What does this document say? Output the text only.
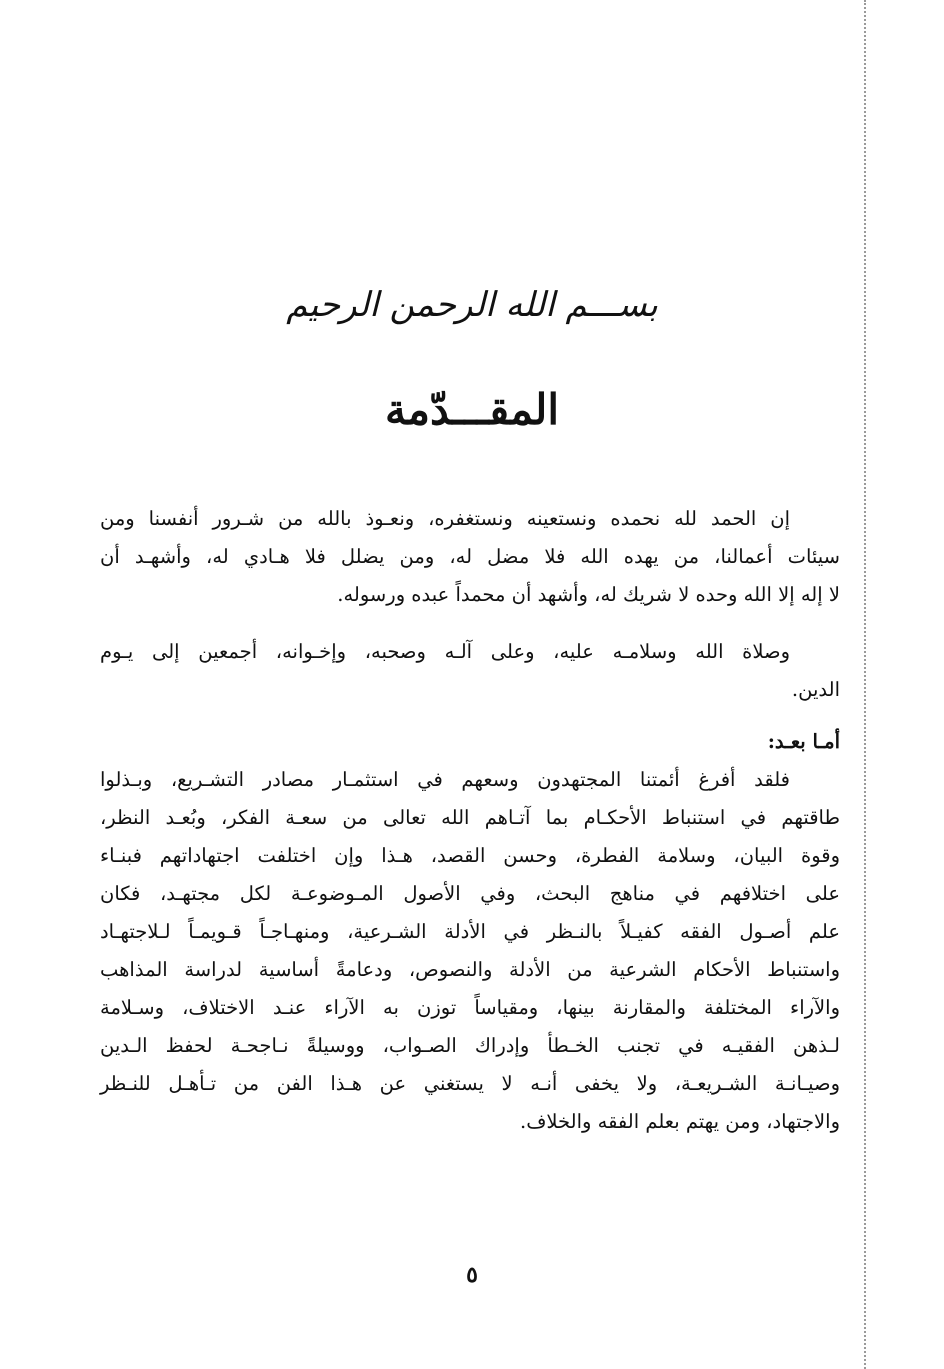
بســـم الله الرحمن الرحيم
المقـــدّمة
إن الحمد لله نحمده ونستعينه ونستغفره، ونعـوذ بالله من شـرور أنفسنا ومن
سيئات أعمالنا، من يهده الله فلا مضل له، ومن يضلل فلا هـادي له، وأشهـد أن
لا إله إلا الله وحده لا شريك له، وأشهد أن محمداً عبده ورسوله.
وصلاة الله وسلامـه عليه، وعلى آلـه وصحبه، وإخـوانه، أجمعين إلى يـوم
الدين.
أمـا بعـد:
فلقد أفرغ أئمتنا المجتهدون وسعهم في استثمـار مصادر التشـريع، وبـذلوا
طاقتهم في استنباط الأحكـام بما آتـاهم الله تعالى من سعـة الفكر، وبُعـد النظر،
وقوة البيان، وسلامة الفطرة، وحسن القصد، هـذا وإن اختلفت اجتهاداتهم فبنـاء
على اختلافهم في مناهج البحث، وفي الأصول المـوضوعـة لكل مجتهـد، فكان
علم أصـول الفقه كفيـلاً بالنـظر في الأدلة الشـرعية، ومنهـاجـاً قـويمـاً لـلاجتهـاد
واستنباط الأحكام الشرعية من الأدلة والنصوص، ودعامةً أساسية لدراسة المذاهب
والآراء المختلفة والمقارنة بينها، ومقياساً توزن به الآراء عنـد الاختلاف، وسـلامة
لـذهن الفقيـه في تجنب الخـطأ وإدراك الصـواب، ووسيلةً نـاجحـة لحفظ الـدين
وصيـانـة الشـريعـة، ولا يخفى أنـه لا يستغني عن هـذا الفن من تـأهـل للنـظر
والاجتهاد، ومن يهتم بعلم الفقه والخلاف.
٥
